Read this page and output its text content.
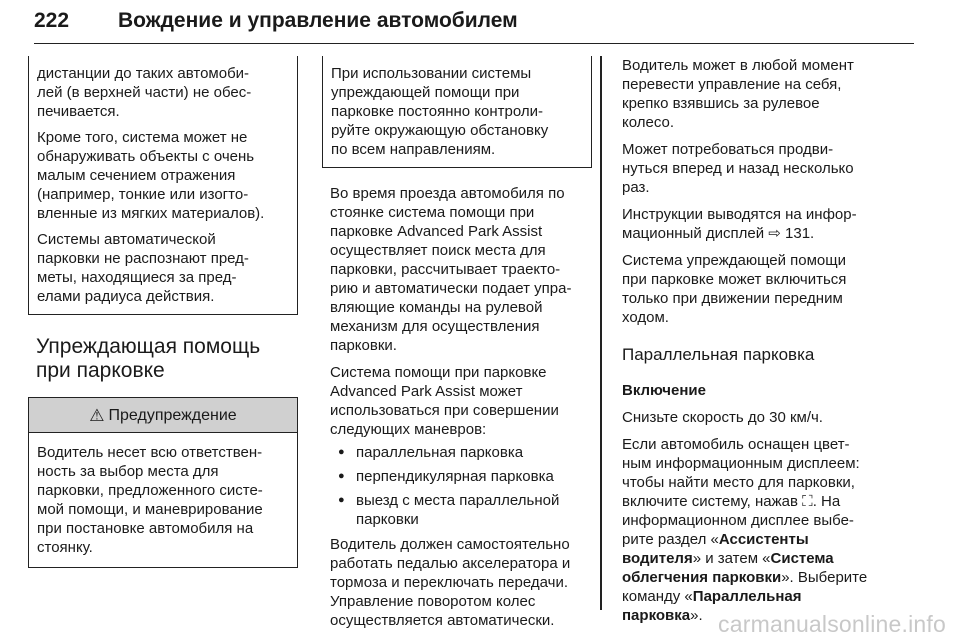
222 Вождение и управление автомобилем

дистанции до таких автомоби-
лей (в верхней части) не обес-
печивается.

Кроме того, система может не
обнаруживать объекты с очень
малым сечением отражения
(например, тонкие или изогто-
вленные из мягких материалов).

Системы автоматической
парковки не распознают пред-
меты, находящиеся за пред-
елами радиуса действия.

Упреждающая помощь
при парковке
⚠ Предупреждение
Водитель несет всю ответствен-
ность за выбор места для
парковки, предложенного систе-
мой помощи, и маневрирование
при постановке автомобиля на
стоянку.

При использовании системы
упреждающей помощи при
парковке постоянно контроли-
руйте окружающую обстановку
по всем направлениям.

Во время проезда автомобиля по
стоянке система помощи при
парковке Advanced Park Assist
осуществляет поиск места для
парковки, рассчитывает траекто-
рию и автоматически подает упра-
вляющие команды на рулевой
механизм для осуществления
парковки.

Система помощи при парковке
Advanced Park Assist может
использоваться при совершении
следующих маневров:

● параллельная парковка
● перпендикулярная парковка
● выезд с места параллельной парковки

Водитель должен самостоятельно
работать педалью акселератора и
тормоза и переключать передачи.
Управление поворотом колес
осуществляется автоматически.

Водитель может в любой момент
перевести управление на себя,
крепко взявшись за рулевое
колесо.

Может потребоваться продви-
нуться вперед и назад несколько
раз.

Инструкции выводятся на инфор-
мационный дисплей ⇨ 131.

Система упреждающей помощи
при парковке может включиться
только при движении передним
ходом.

Параллельная парковка

Включение

Снизьте скорость до 30 км/ч.

Если автомобиль оснащен цвет-
ным информационным дисплеем:
чтобы найти место для парковки,
включите систему, нажав ⛶. На
информационном дисплее выбе-
рите раздел «Ассистенты
водителя» и затем «Система
облегчения парковки». Выберите
команду «Параллельная
парковка». carmanualsonline.info
